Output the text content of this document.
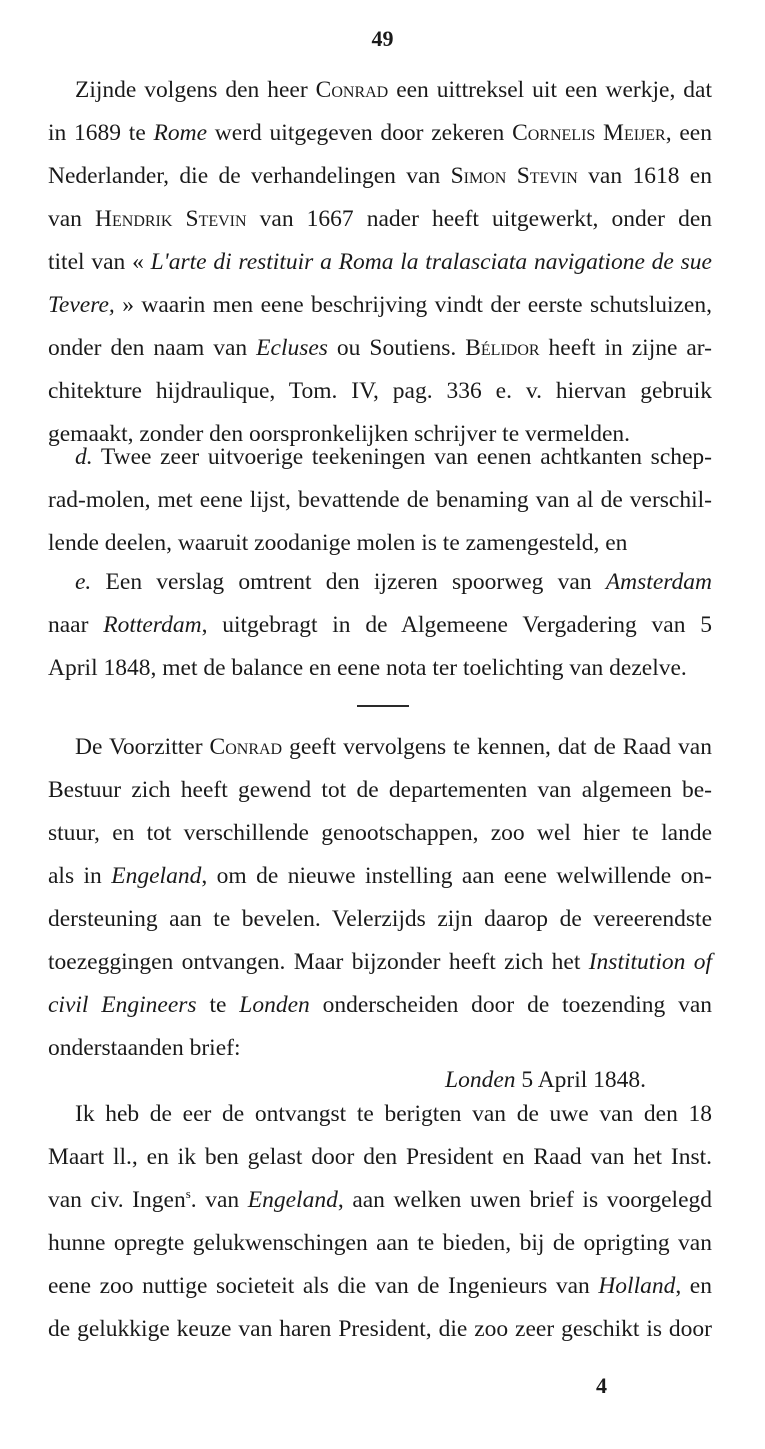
49
Zijnde volgens den heer Conrad een uittreksel uit een werkje, dat
in 1689 te Rome werd uitgegeven door zekeren Cornelis Meijer, een
Nederlander, die de verhandelingen van Simon Stevin van 1618 en
van Hendrik Stevin van 1667 nader heeft uitgewerkt, onder den
titel van « L'arte di restituir a Roma la tralasciata navigatione de sue
Tevere, » waarin men eene beschrijving vindt der eerste schutsluizen,
onder den naam van Ecluses ou Soutiens. Bélidor heeft in zijne ar-
chitekture hijdraulique, Tom. IV, pag. 336 e. v. hiervan gebruik
gemaakt, zonder den oorspronkelijken schrijver te vermelden.
d. Twee zeer uitvoerige teekeningen van eenen achtkanten schep-
rad-molen, met eene lijst, bevattende de benaming van al de verschil-
lende deelen, waaruit zoodanige molen is te zamengesteld, en
e. Een verslag omtrent den ijzeren spoorweg van Amsterdam
naar Rotterdam, uitgebragt in de Algemeene Vergadering van 5
April 1848, met de balance en eene nota ter toelichting van dezelve.
De Voorzitter Conrad geeft vervolgens te kennen, dat de Raad van
Bestuur zich heeft gewend tot de departementen van algemeen be-
stuur, en tot verschillende genootschappen, zoo wel hier te lande
als in Engeland, om de nieuwe instelling aan eene welwillende on-
dersteuning aan te bevelen. Velerzijds zijn daarop de vereerendste
toezeggingen ontvangen. Maar bijzonder heeft zich het Institution of
civil Engineers te Londen onderscheiden door de toezending van
onderstaanden brief:
Londen 5 April 1848.
Ik heb de eer de ontvangst te berigten van de uwe van den 18
Maart ll., en ik ben gelast door den President en Raad van het Inst.
van civ. Ingen$^s$. van Engeland, aan welken uwen brief is voorgelegd
hunne opregte gelukwenschingen aan te bieden, bij de oprigting van
eene zoo nuttige societeit als die van de Ingenieurs van Holland, en
de gelukkige keuze van haren President, die zoo zeer geschikt is door
4
